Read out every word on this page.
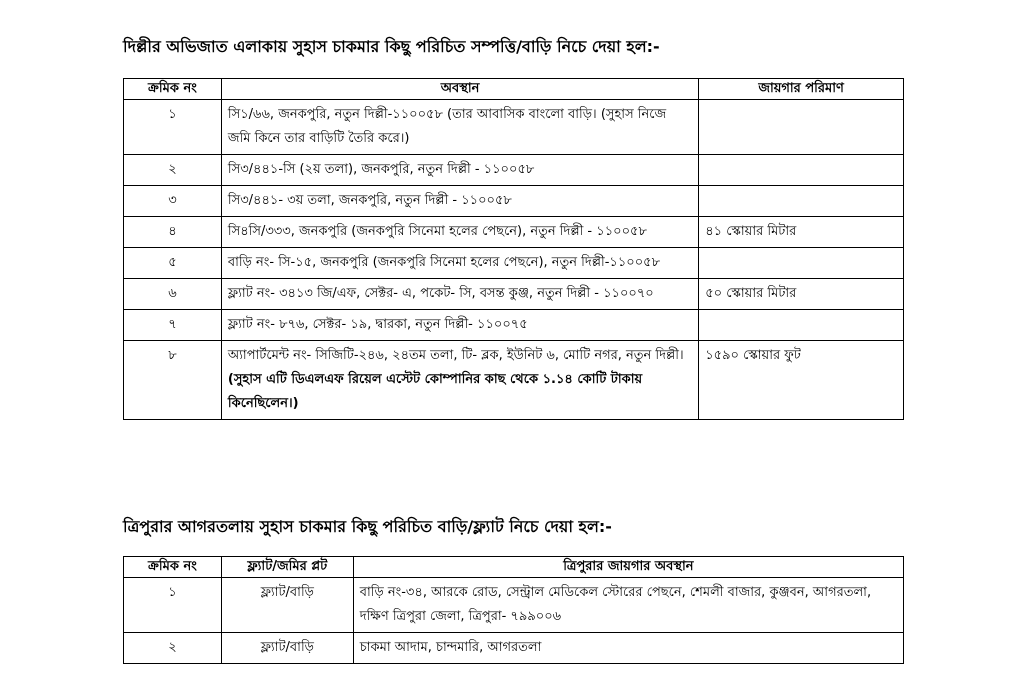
দিল্লীর অভিজাত এলাকায় সুহাস চাকমার কিছু পরিচিত সম্পত্তি/বাড়ি নিচে দেয়া হল:-
ক্রমিক নং	অবস্থান	জায়গার পরিমাণ
১	সি১/৬৬, জনকপুরি, নতুন দিল্লী-১১০০৫৮ (তার আবাসিক বাংলো বাড়ি। (সুহাস নিজে জমি কিনে তার বাড়িটি তৈরি করে।)	
২	সি৩/৪৪১-সি (২য় তলা), জনকপুরি, নতুন দিল্লী - ১১০০৫৮	
৩	সি৩/৪৪১- ৩য় তলা, জনকপুরি, নতুন দিল্লী - ১১০০৫৮	
৪	সি৪সি/৩৩৩, জনকপুরি (জনকপুরি সিনেমা হলের পেছনে), নতুন দিল্লী - ১১০০৫৮	৪১ স্কোয়ার মিটার
৫	বাড়ি নং- সি-১৫, জনকপুরি (জনকপুরি সিনেমা হলের পেছনে), নতুন দিল্লী-১১০০৫৮	
৬	ফ্ল্যাট নং- ৩৪১৩ জি/এফ, সেক্টর- এ, পকেট- সি, বসন্ত কুঞ্জ, নতুন দিল্লী - ১১০০৭০	৫০ স্কোয়ার মিটার
৭	ফ্ল্যাট নং- ৮৭৬, সেক্টর- ১৯, দ্বারকা, নতুন দিল্লী- ১১০০৭৫	
৮	অ্যাপার্টমেন্ট নং- সিজিটি-২৪৬, ২৪তম তলা, টি- ব্লক, ইউনিট ৬, মোটি নগর, নতুন দিল্লী। (সুহাস এটি ডিএলএফ রিয়েল এস্টেট কোম্পানির কাছ থেকে ১.১৪ কোটি টাকায় কিনেছিলেন।)	১৫৯০ স্কোয়ার ফুট
ত্রিপুরার আগরতলায় সুহাস চাকমার কিছু পরিচিত বাড়ি/ফ্ল্যাট নিচে দেয়া হল:-
ক্রমিক নং	ফ্ল্যাট/জমির প্লট	ত্রিপুরার জায়গার অবস্থান
১	ফ্ল্যাট/বাড়ি	বাড়ি নং-৩৪, আরকে রোড, সেন্ট্রাল মেডিকেল স্টোরের পেছনে, শেমলী বাজার, কুঞ্জবন, আগরতলা, দক্ষিণ ত্রিপুরা জেলা, ত্রিপুরা- ৭৯৯০০৬
২	ফ্ল্যাট/বাড়ি	চাকমা আদাম, চান্দমারি, আগরতলা
